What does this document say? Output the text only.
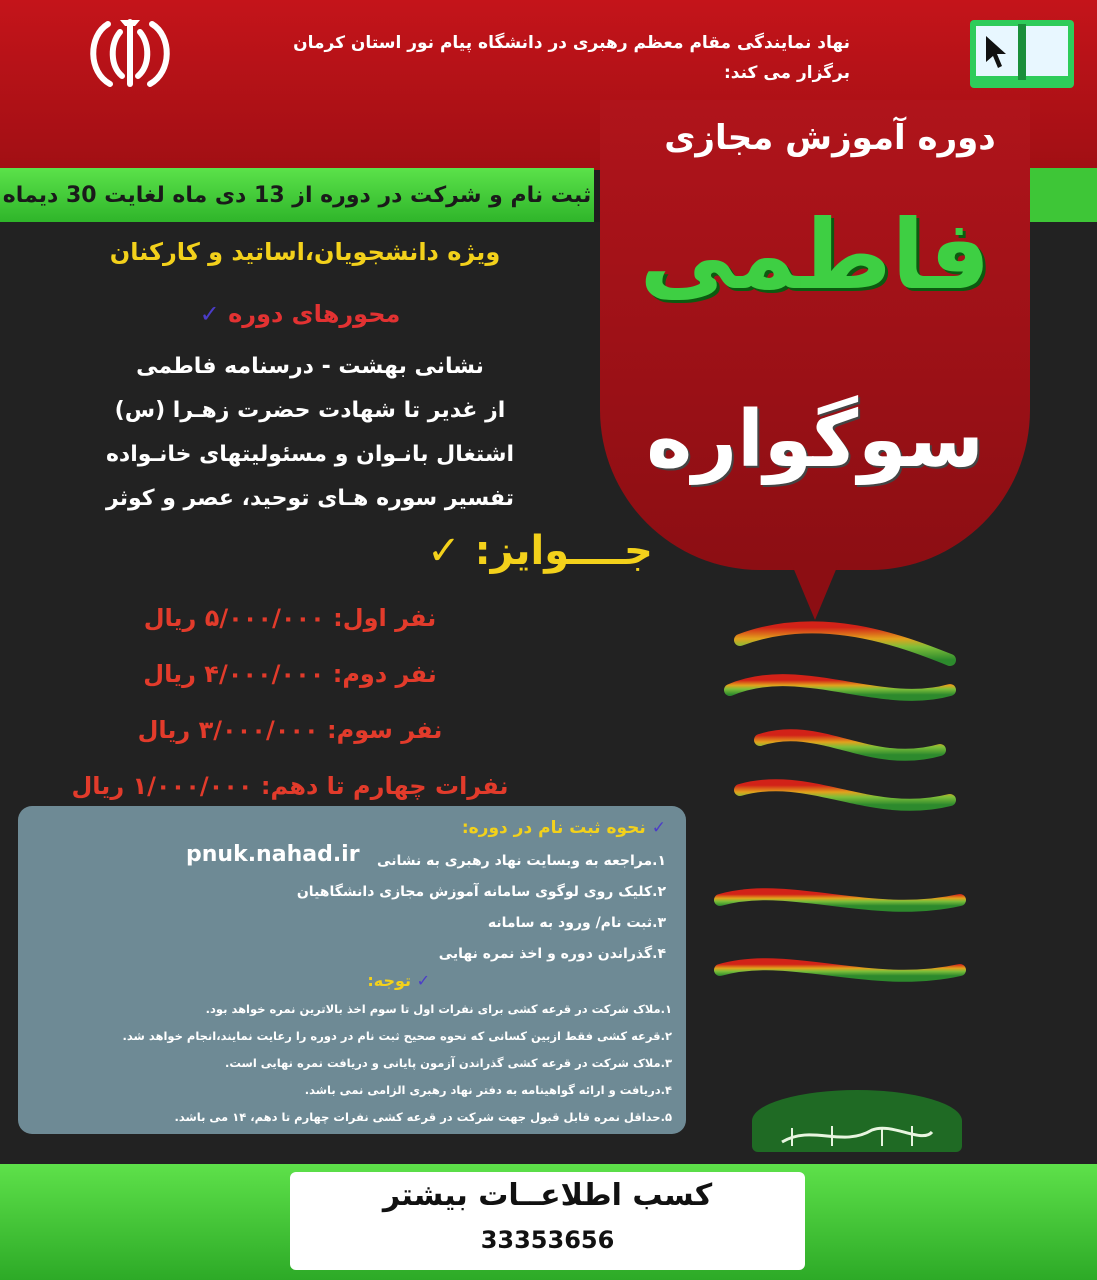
نهاد نمایندگی مقام معظم رهبری در دانشگاه پیام نور استان کرمان
برگزار می کند:
ثبت نام و شرکت در دوره از 13 دی ماه لغایت 30 دیماه
دوره آموزش مجازی
فاطمی
سوگواره
ویژه دانشجویان،اساتید و کارکنان
محورهای دوره ✓
نشانی بهشت - درسنامه فاطمی
از غدیر تا شهادت حضرت زهـرا (س)
اشتغال بانـوان و مسئولیتهای خانـواده
تفسیر سوره هـای توحید، عصر و کوثر
جــــوایز: ✓
نفر اول: ۵/۰۰۰/۰۰۰ ریال
نفر دوم: ۴/۰۰۰/۰۰۰ ریال
نفر سوم: ۳/۰۰۰/۰۰۰ ریال
نفرات چهارم تا دهم: ۱/۰۰۰/۰۰۰ ریال
✓ نحوه ثبت نام در دوره:
pnuk.nahad.ir	۱.مراجعه به وبسایت نهاد رهبری به نشانی
۲.کلیک روی لوگوی سامانه آموزش مجازی دانشگاهیان
۳.ثبت نام/ ورود به سامانه
۴.گذراندن دوره و اخذ نمره نهایی
✓ توجه:
۱.ملاک شرکت در قرعه کشی برای نفرات اول تا سوم اخذ بالاترین نمره خواهد بود.
۲.قرعه کشی فقط ازبین کسانی که نحوه صحیح ثبت نام در دوره را رعایت نمایند،انجام خواهد شد.
۳.ملاک شرکت در قرعه کشی گذراندن آزمون پایانی و دریافت نمره نهایی است.
۴.دریافت و ارائه گواهینامه به دفتر نهاد رهبری الزامی نمی باشد.
۵.حداقل نمره قابل قبول جهت شرکت در قرعه کشی نفرات چهارم تا دهم، ۱۴ می باشد.
کسب اطلاعــات بیشتر
33353656
